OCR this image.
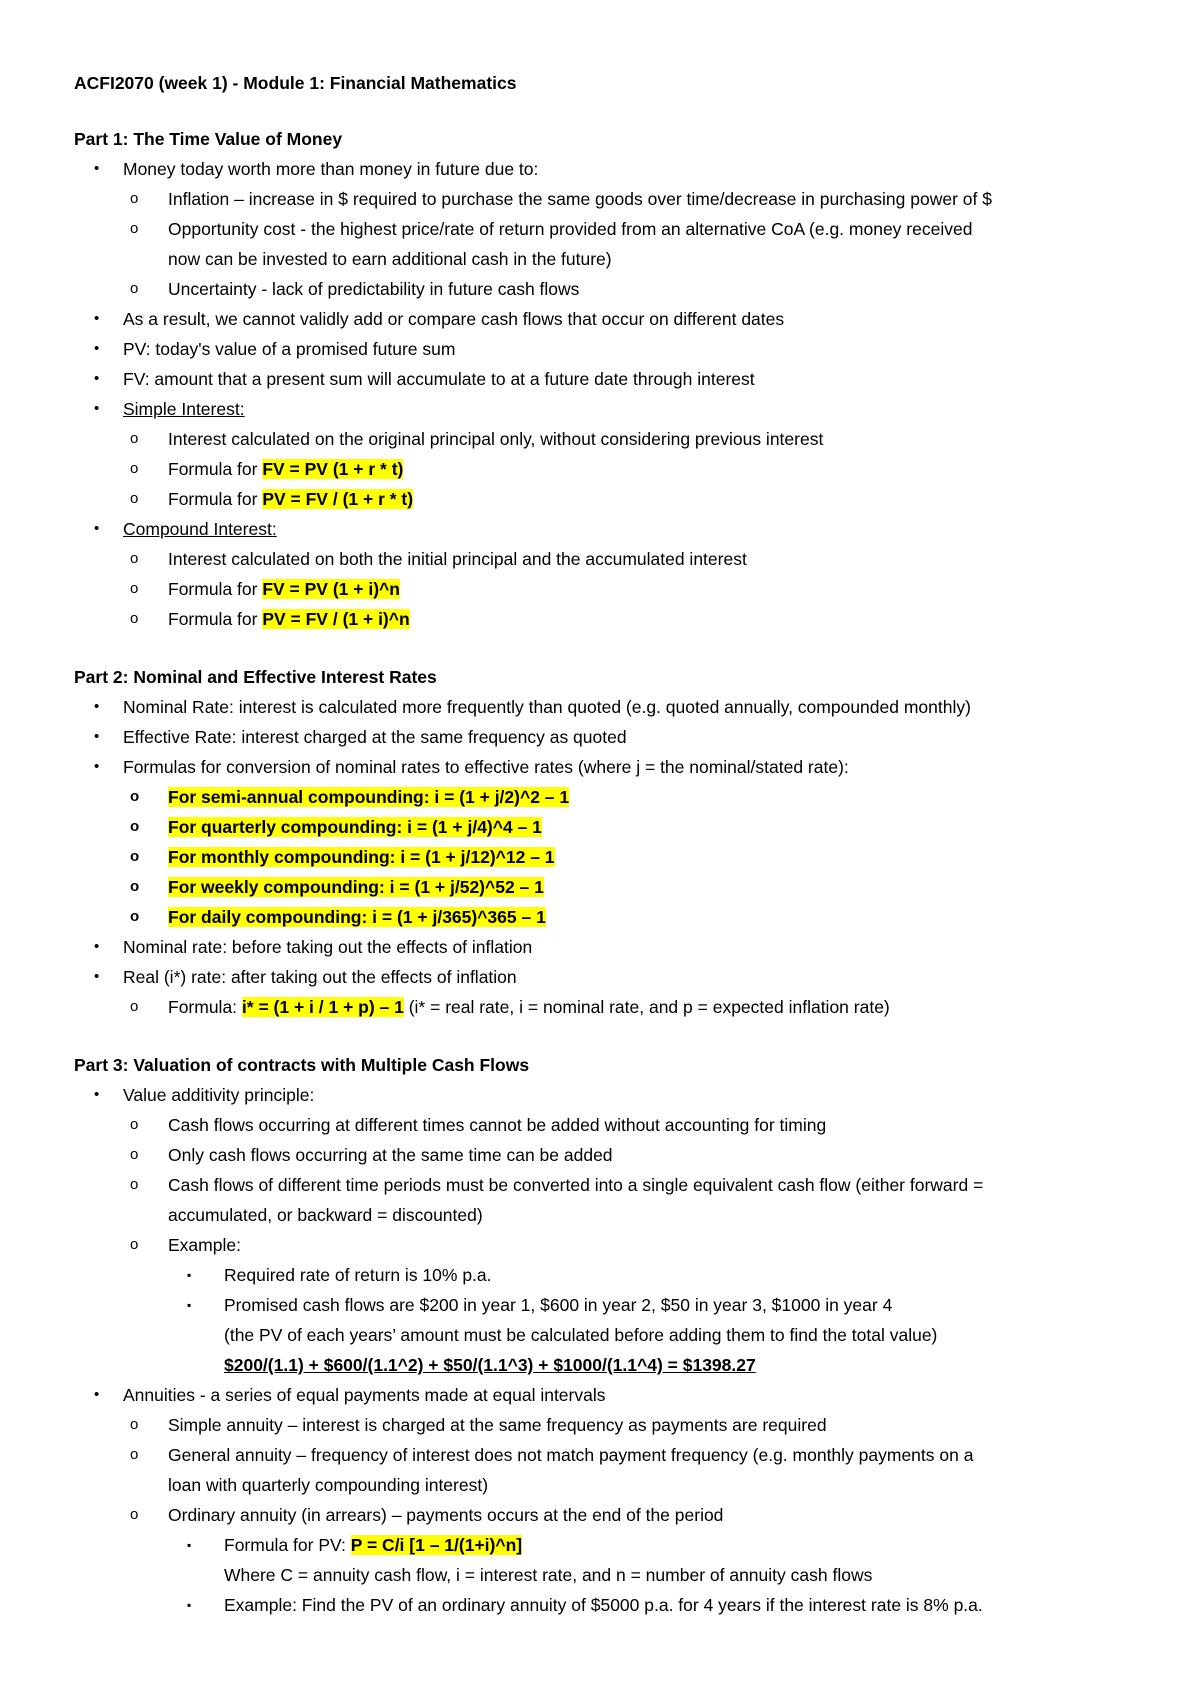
ACFI2070 (week 1) - Module 1: Financial Mathematics
Part 1: The Time Value of Money
• Money today worth more than money in future due to:
o Inflation – increase in $ required to purchase the same goods over time/decrease in purchasing power of $
o Opportunity cost - the highest price/rate of return provided from an alternative CoA (e.g. money received
now can be invested to earn additional cash in the future)
o Uncertainty - lack of predictability in future cash flows
• As a result, we cannot validly add or compare cash flows that occur on different dates
• PV: today's value of a promised future sum
• FV: amount that a present sum will accumulate to at a future date through interest
• Simple Interest:
o Interest calculated on the original principal only, without considering previous interest
o Formula for FV = PV (1 + r * t)
o Formula for PV = FV / (1 + r * t)
• Compound Interest:
o Interest calculated on both the initial principal and the accumulated interest
o Formula for FV = PV (1 + i)^n
o Formula for PV = FV / (1 + i)^n
Part 2: Nominal and Effective Interest Rates
• Nominal Rate: interest is calculated more frequently than quoted (e.g. quoted annually, compounded monthly)
• Effective Rate: interest charged at the same frequency as quoted
• Formulas for conversion of nominal rates to effective rates (where j = the nominal/stated rate):
o For semi-annual compounding: i = (1 + j/2)^2 – 1
o For quarterly compounding: i = (1 + j/4)^4 – 1
o For monthly compounding: i = (1 + j/12)^12 – 1
o For weekly compounding: i = (1 + j/52)^52 – 1
o For daily compounding: i = (1 + j/365)^365 – 1
• Nominal rate: before taking out the effects of inflation
• Real (i*) rate: after taking out the effects of inflation
o Formula: i* = (1 + i / 1 + p) – 1 (i* = real rate, i = nominal rate, and p = expected inflation rate)
Part 3: Valuation of contracts with Multiple Cash Flows
• Value additivity principle:
o Cash flows occurring at different times cannot be added without accounting for timing
o Only cash flows occurring at the same time can be added
o Cash flows of different time periods must be converted into a single equivalent cash flow (either forward =
accumulated, or backward = discounted)
o Example:
▪ Required rate of return is 10% p.a.
▪ Promised cash flows are $200 in year 1, $600 in year 2, $50 in year 3, $1000 in year 4
(the PV of each years’ amount must be calculated before adding them to find the total value)
$200/(1.1) + $600/(1.1^2) + $50/(1.1^3) + $1000/(1.1^4) = $1398.27
• Annuities - a series of equal payments made at equal intervals
o Simple annuity – interest is charged at the same frequency as payments are required
o General annuity – frequency of interest does not match payment frequency (e.g. monthly payments on a
loan with quarterly compounding interest)
o Ordinary annuity (in arrears) – payments occurs at the end of the period
▪ Formula for PV: P = C/i [1 – 1/(1+i)^n]
Where C = annuity cash flow, i = interest rate, and n = number of annuity cash flows
▪ Example: Find the PV of an ordinary annuity of $5000 p.a. for 4 years if the interest rate is 8% p.a.
